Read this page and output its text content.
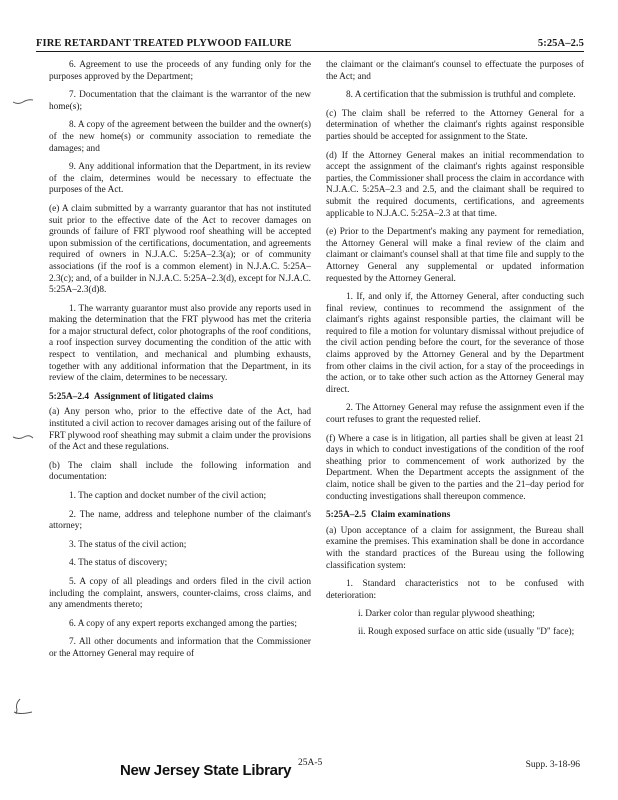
FIRE RETARDANT TREATED PLYWOOD FAILURE	5:25A–2.5

6. Agreement to use the proceeds of any funding only for the purposes approved by the Department;

7. Documentation that the claimant is the warrantor of the new home(s);

8. A copy of the agreement between the builder and the owner(s) of the new home(s) or community association to remediate the damages; and

9. Any additional information that the Department, in its review of the claim, determines would be necessary to effectuate the purposes of the Act.

(e) A claim submitted by a warranty guarantor that has not instituted suit prior to the effective date of the Act to recover damages on grounds of failure of FRT plywood roof sheathing will be accepted upon submission of the certifications, documentation, and agreements required of owners in N.J.A.C. 5:25A–2.3(a); or of community associations (if the roof is a common element) in N.J.A.C. 5:25A–2.3(c); and, of a builder in N.J.A.C. 5:25A–2.3(d), except for N.J.A.C. 5:25A–2.3(d)8.

1. The warranty guarantor must also provide any reports used in making the determination that the FRT plywood has met the criteria for a major structural defect, color photographs of the roof conditions, a roof inspection survey documenting the condition of the attic with respect to ventilation, and mechanical and plumbing exhausts, together with any additional information that the Department, in its review of the claim, determines to be necessary.

5:25A–2.4 Assignment of litigated claims

(a) Any person who, prior to the effective date of the Act, had instituted a civil action to recover damages arising out of the failure of FRT plywood roof sheathing may submit a claim under the provisions of the Act and these regulations.

(b) The claim shall include the following information and documentation:

1. The caption and docket number of the civil action;

2. The name, address and telephone number of the claimant's attorney;

3. The status of the civil action;

4. The status of discovery;

5. A copy of all pleadings and orders filed in the civil action including the complaint, answers, counter-claims, cross claims, and any amendments thereto;

6. A copy of any expert reports exchanged among the parties;

7. All other documents and information that the Commissioner or the Attorney General may require of

the claimant or the claimant's counsel to effectuate the purposes of the Act; and

8. A certification that the submission is truthful and complete.

(c) The claim shall be referred to the Attorney General for a determination of whether the claimant's rights against responsible parties should be accepted for assignment to the State.

(d) If the Attorney General makes an initial recommendation to accept the assignment of the claimant's rights against responsible parties, the Commissioner shall process the claim in accordance with N.J.A.C. 5:25A–2.3 and 2.5, and the claimant shall be required to submit the required documents, certifications, and agreements applicable to N.J.A.C. 5:25A–2.3 at that time.

(e) Prior to the Department's making any payment for remediation, the Attorney General will make a final review of the claim and claimant or claimant's counsel shall at that time file and supply to the Attorney General any supplemental or updated information requested by the Attorney General.

1. If, and only if, the Attorney General, after conducting such final review, continues to recommend the assignment of the claimant's rights against responsible parties, the claimant will be required to file a motion for voluntary dismissal without prejudice of the civil action pending before the court, for the severance of those claims approved by the Attorney General and by the Department from other claims in the civil action, for a stay of the proceedings in the action, or to take other such action as the Attorney General may direct.

2. The Attorney General may refuse the assignment even if the court refuses to grant the requested relief.

(f) Where a case is in litigation, all parties shall be given at least 21 days in which to conduct investigations of the condition of the roof sheathing prior to commencement of work authorized by the Department. When the Department accepts the assignment of the claim, notice shall be given to the parties and the 21–day period for conducting investigations shall thereupon commence.

5:25A–2.5 Claim examinations

(a) Upon acceptance of a claim for assignment, the Bureau shall examine the premises. This examination shall be done in accordance with the standard practices of the Bureau using the following classification system:

1. Standard characteristics not to be confused with deterioration:

i. Darker color than regular plywood sheathing;

ii. Rough exposed surface on attic side (usually "D" face);

New Jersey State Library 25A-5	Supp. 3-18-96
